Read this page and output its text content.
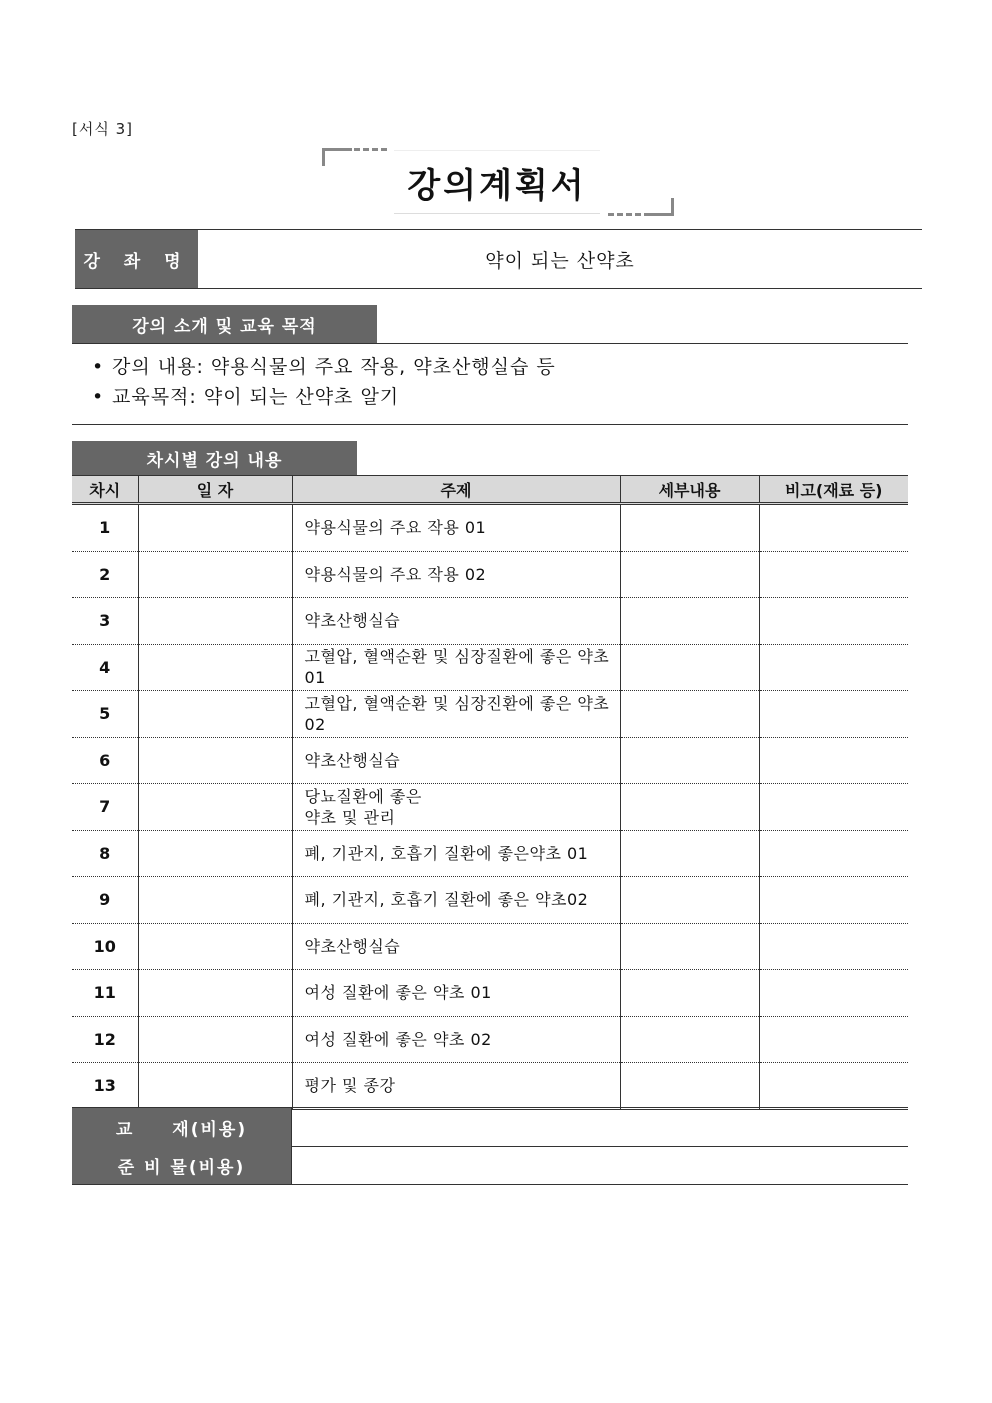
[서식 3]
강의계획서
강 좌 명	약이 되는 산약초
강의 소개 및 교육 목적
• 강의 내용: 약용식물의 주요 작용, 약초산행실습 등
• 교육목적: 약이 되는 산약초 알기
차시별 강의 내용
차시	일 자	주제	세부내용	비고(재료 등)
1		약용식물의 주요 작용 01		
2		약용식물의 주요 작용 02		
3		약초산행실습		
4		고혈압, 혈액순환 및 심장질환에 좋은 약초 01		
5		고혈압, 혈액순환 및 심장진환에 좋은 약초 02		
6		약초산행실습		
7		당뇨질환에 좋은
약초 및 관리		
8		폐, 기관지, 호흡기 질환에 좋은약초 01		
9		폐, 기관지, 호흡기 질환에 좋은 약초02		
10		약초산행실습		
11		여성 질환에 좋은 약초 01		
12		여성 질환에 좋은 약초 02		
13		평가 및 종강		
교　　재(비용)
준 비 물(비용)
